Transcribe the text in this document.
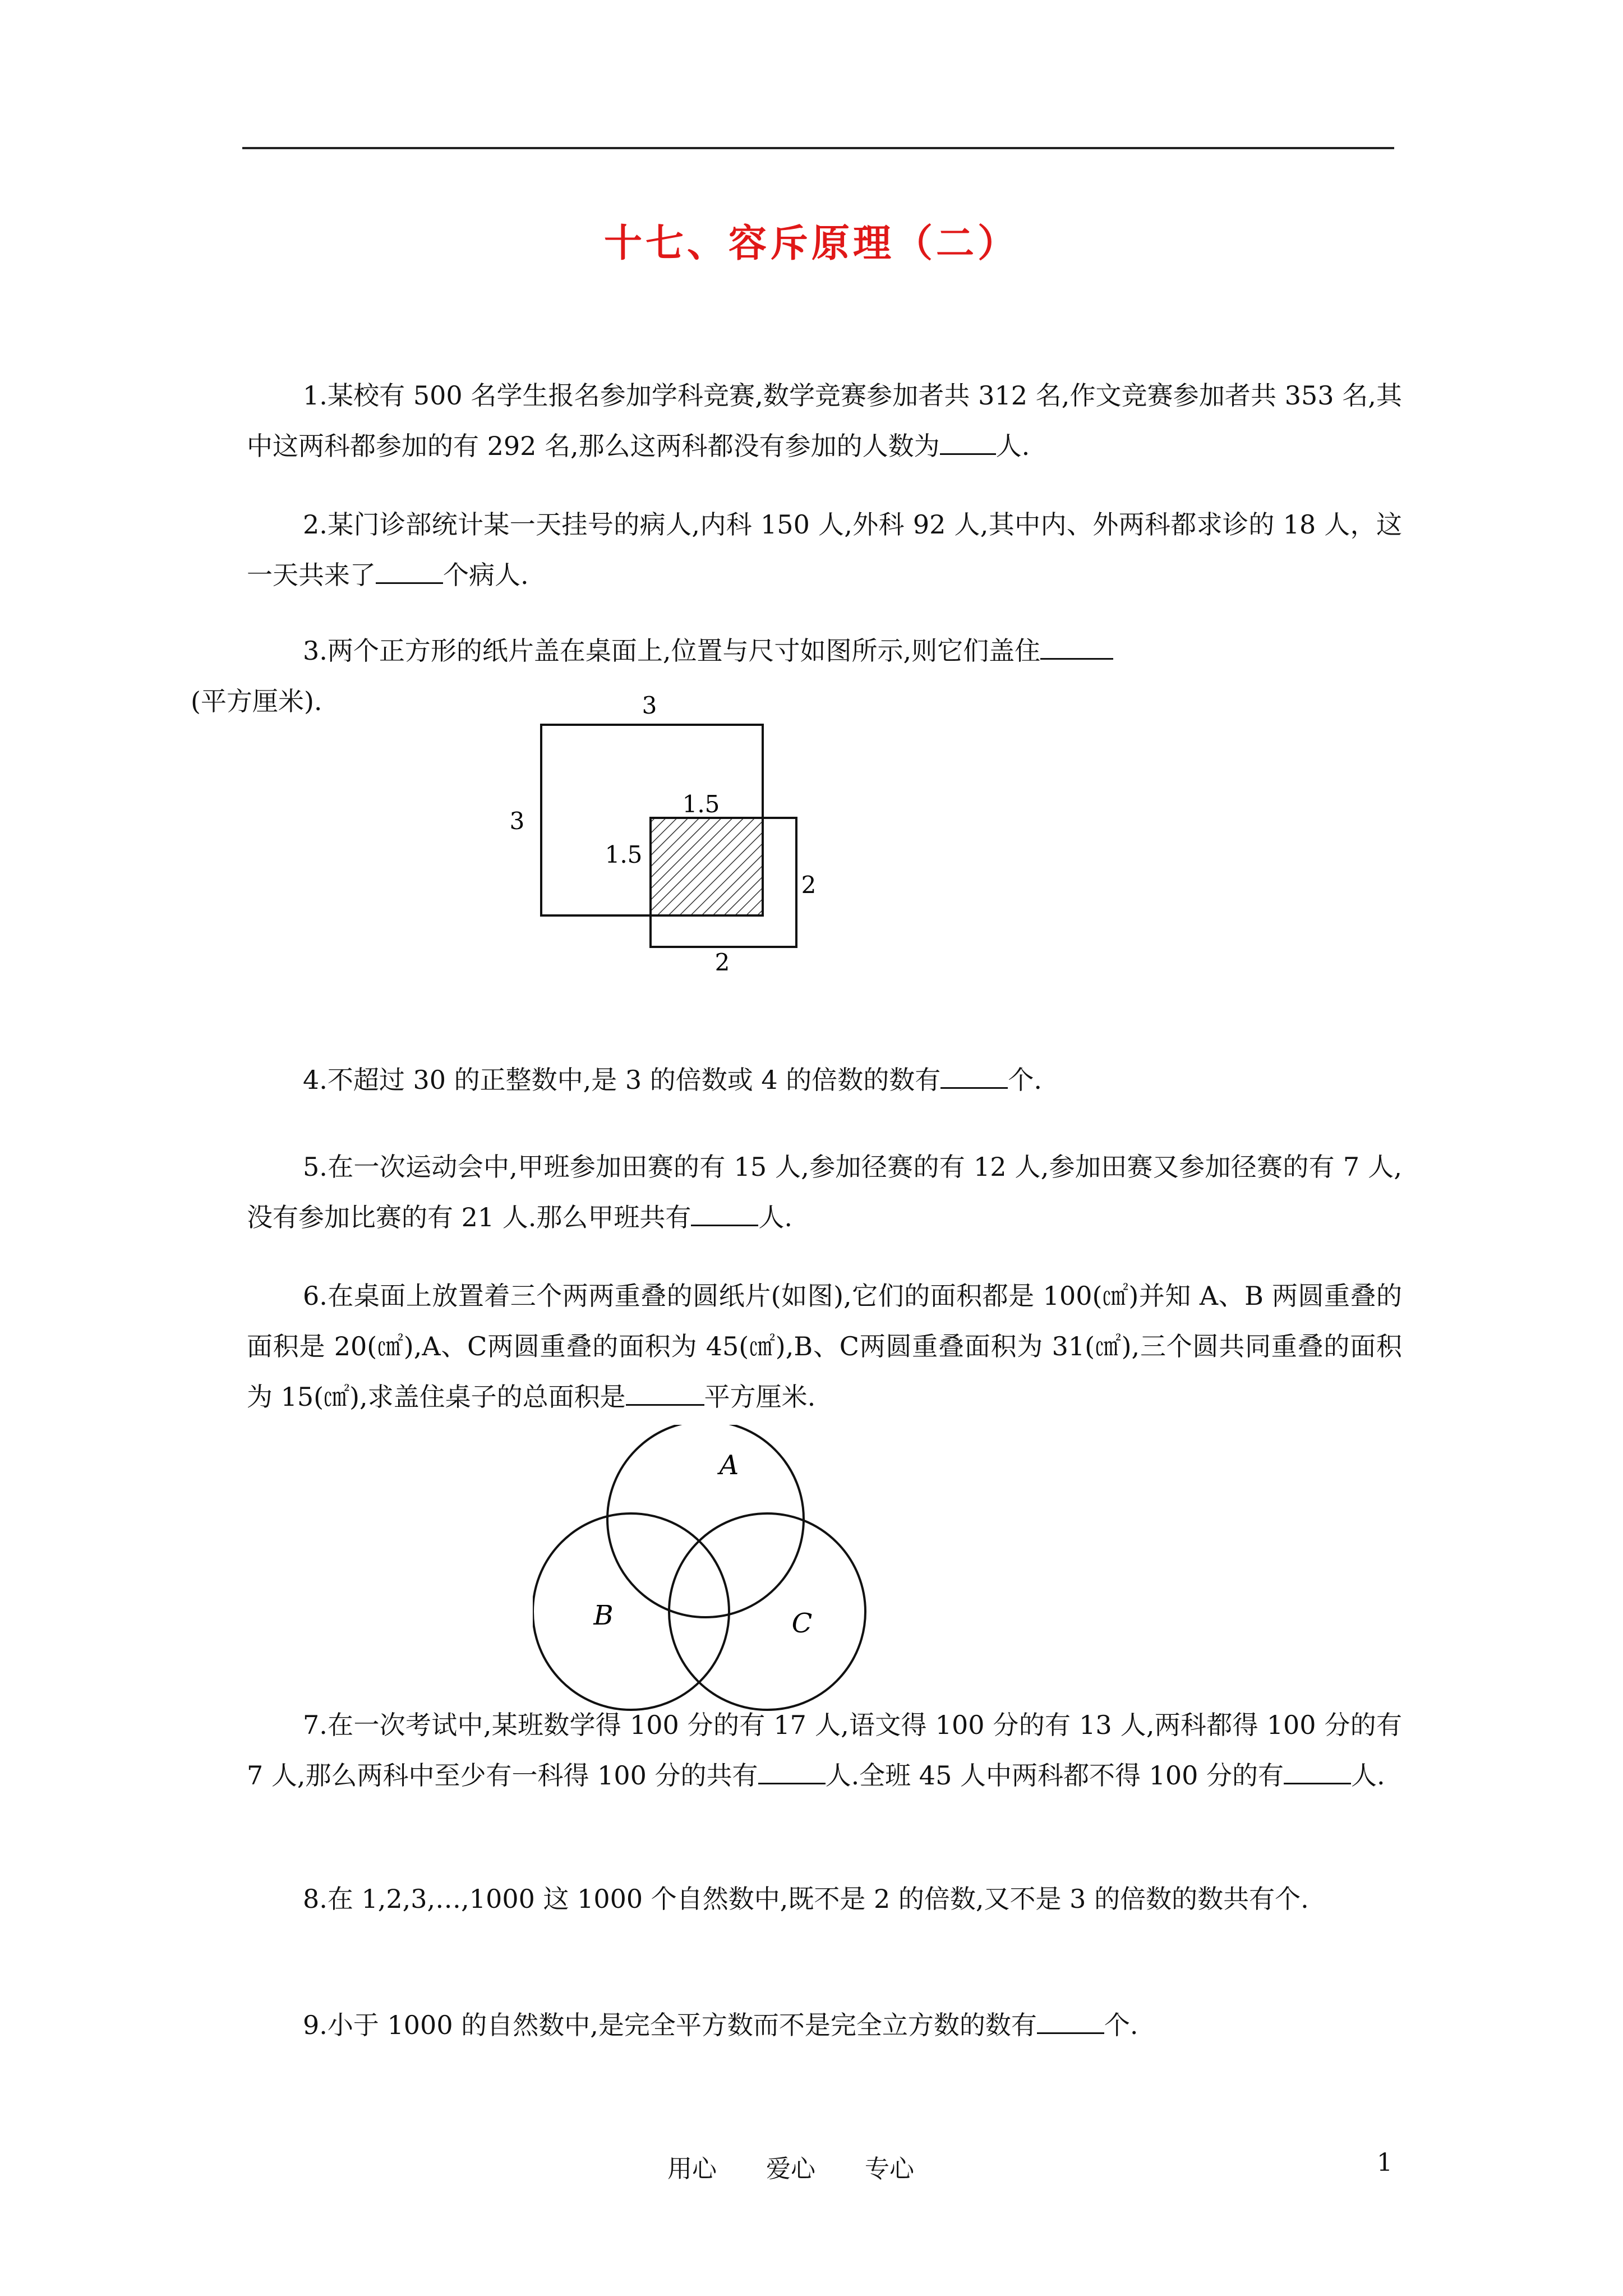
十七、容斥原理（二）
1.某校有 500 名学生报名参加学科竞赛,数学竞赛参加者共 312 名,作文竞赛参加者共 353 名,其中这两科都参加的有 292 名,那么这两科都没有参加的人数为 人.
2.某门诊部统计某一天挂号的病人,内科 150 人,外科 92 人,其中内、外两科都求诊的 18 人，这一天共来了	个病人.
3.两个正方形的纸片盖在桌面上,位置与尺寸如图所示,则它们盖住
(平方厘米).	3
3
1.5
1.5
2
2
4.不超过 30 的正整数中,是 3 的倍数或 4 的倍数的数有	个.
5.在一次运动会中,甲班参加田赛的有 15 人,参加径赛的有 12 人,参加田赛又参加径赛的有 7 人,没有参加比赛的有 21 人.那么甲班共有	人.
6.在桌面上放置着三个两两重叠的圆纸片(如图),它们的面积都是 100(㎠)并知 A、B 两圆重叠的面积是 20(㎠),A、C两圆重叠的面积为 45(㎠),B、C两圆重叠面积为 31(㎠),三个圆共同重叠的面积为 15(㎠),求盖住桌子的总面积是	平方厘米.
A
B	C
7.在一次考试中,某班数学得 100 分的有 17 人,语文得 100 分的有 13 人,两科都得 100 分的有 7 人,那么两科中至少有一科得 100 分的共有	人.全班 45 人中两科都不得 100 分的有	人.
8.在 1,2,3,…,1000 这 1000 个自然数中,既不是 2 的倍数,又不是 3 的倍数的数共有个.
9.小于 1000 的自然数中,是完全平方数而不是完全立方数的数有	个.
用心　　爱心　　专心	1
